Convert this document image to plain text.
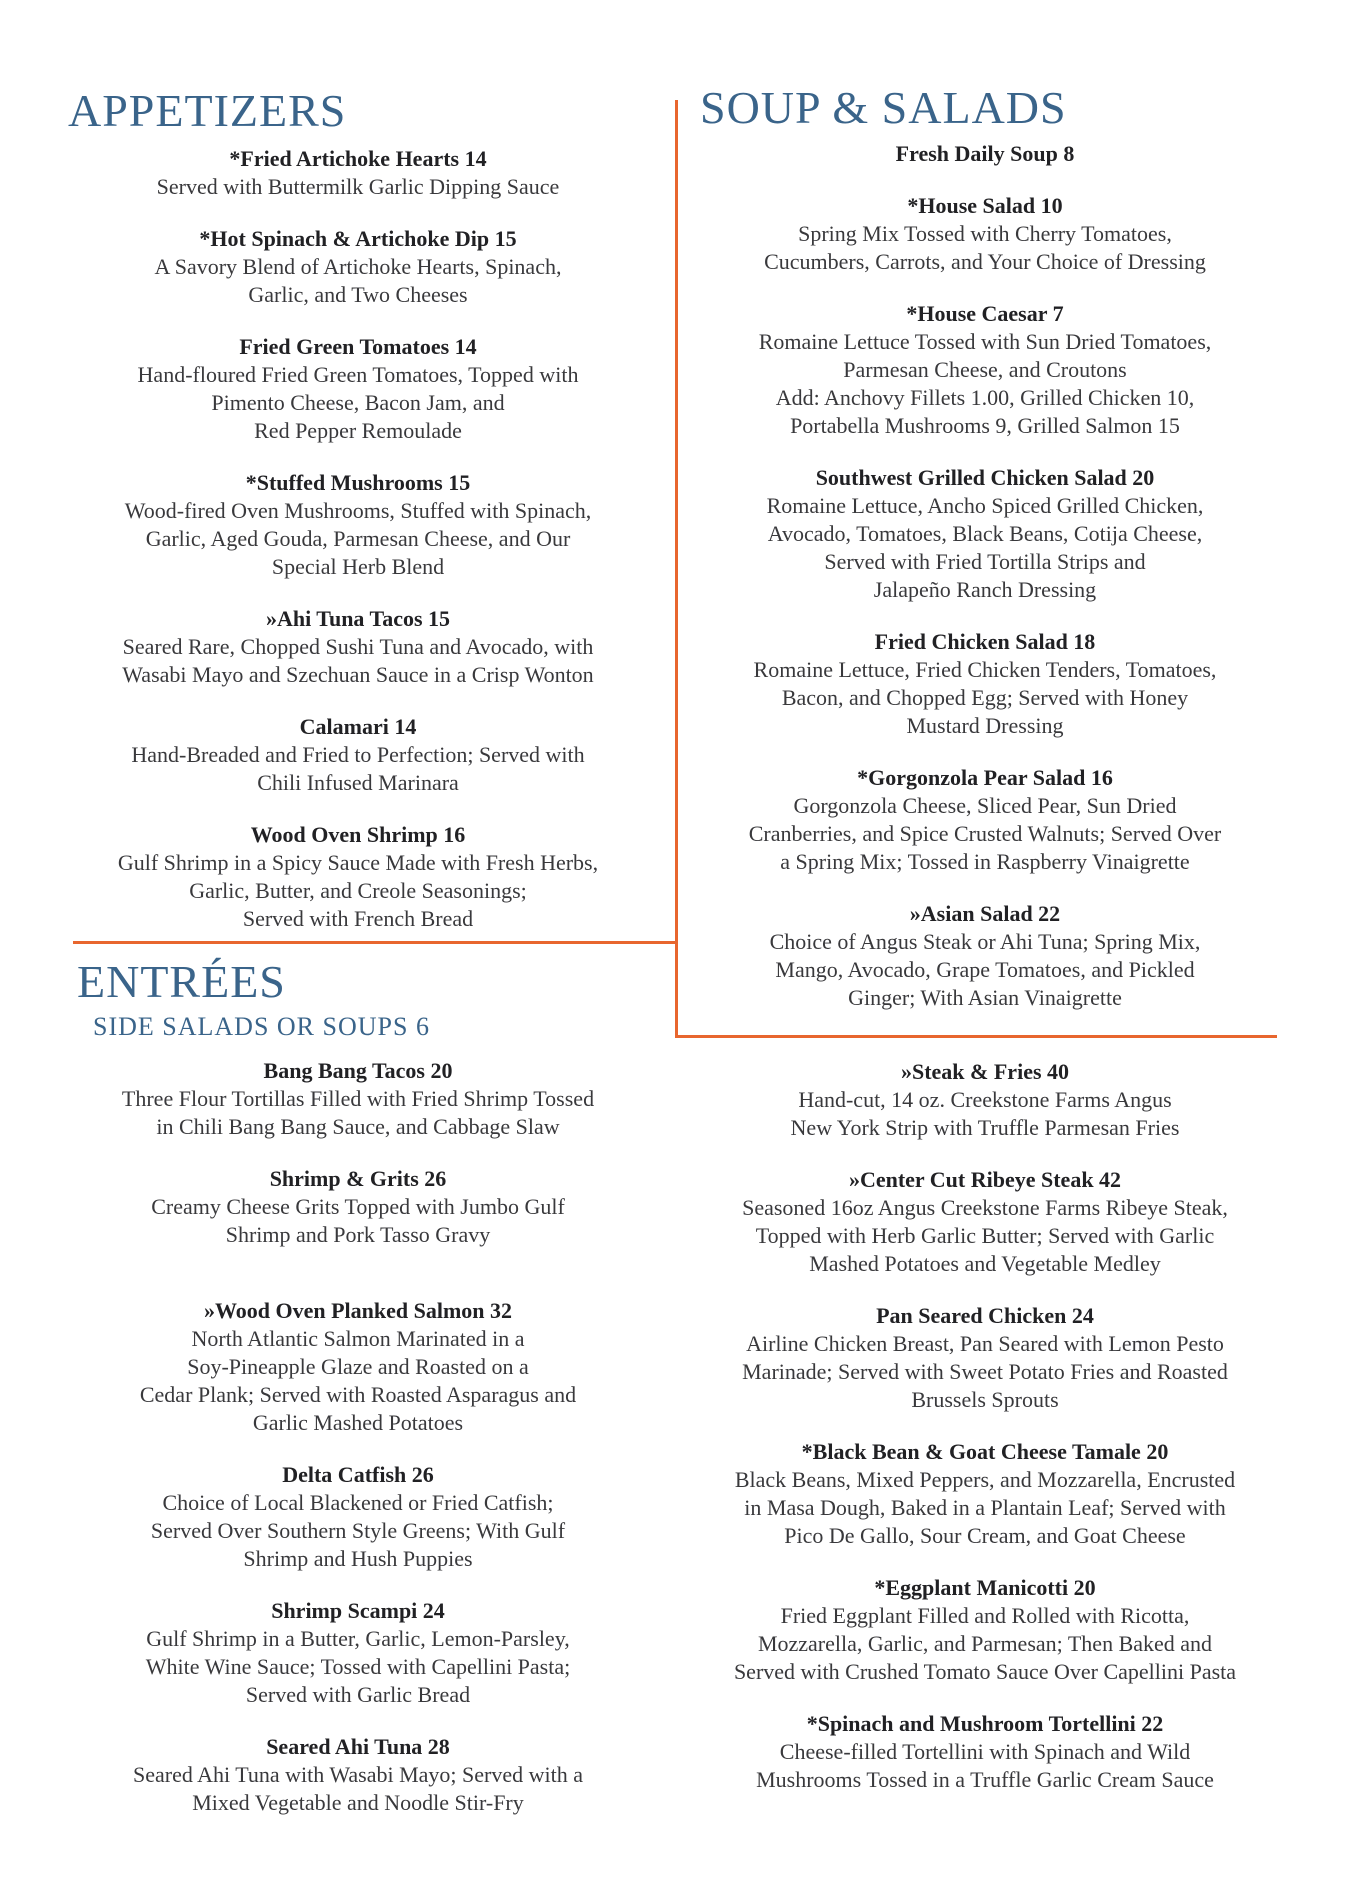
APPETIZERS
*Fried Artichoke Hearts 14
Served with Buttermilk Garlic Dipping Sauce
*Hot Spinach & Artichoke Dip 15
A Savory Blend of Artichoke Hearts, Spinach,
Garlic, and Two Cheeses
Fried Green Tomatoes 14
Hand-floured Fried Green Tomatoes, Topped with
Pimento Cheese, Bacon Jam, and
Red Pepper Remoulade
*Stuffed Mushrooms 15
Wood-fired Oven Mushrooms, Stuffed with Spinach,
Garlic, Aged Gouda, Parmesan Cheese, and Our
Special Herb Blend
»Ahi Tuna Tacos 15
Seared Rare, Chopped Sushi Tuna and Avocado, with
Wasabi Mayo and Szechuan Sauce in a Crisp Wonton
Calamari 14
Hand-Breaded and Fried to Perfection; Served with
Chili Infused Marinara
Wood Oven Shrimp 16
Gulf Shrimp in a Spicy Sauce Made with Fresh Herbs,
Garlic, Butter, and Creole Seasonings;
Served with French Bread
ENTRÉES
SIDE SALADS OR SOUPS 6
Bang Bang Tacos 20
Three Flour Tortillas Filled with Fried Shrimp Tossed
in Chili Bang Bang Sauce, and Cabbage Slaw
Shrimp & Grits 26
Creamy Cheese Grits Topped with Jumbo Gulf
Shrimp and Pork Tasso Gravy
»Wood Oven Planked Salmon 32
North Atlantic Salmon Marinated in a
Soy-Pineapple Glaze and Roasted on a
Cedar Plank; Served with Roasted Asparagus and
Garlic Mashed Potatoes
Delta Catfish 26
Choice of Local Blackened or Fried Catfish;
Served Over Southern Style Greens; With Gulf
Shrimp and Hush Puppies
Shrimp Scampi 24
Gulf Shrimp in a Butter, Garlic, Lemon-Parsley,
White Wine Sauce; Tossed with Capellini Pasta;
Served with Garlic Bread
Seared Ahi Tuna 28
Seared Ahi Tuna with Wasabi Mayo; Served with a
Mixed Vegetable and Noodle Stir-Fry
SOUP & SALADS
Fresh Daily Soup 8
*House Salad 10
Spring Mix Tossed with Cherry Tomatoes,
Cucumbers, Carrots, and Your Choice of Dressing
*House Caesar 7
Romaine Lettuce Tossed with Sun Dried Tomatoes,
Parmesan Cheese, and Croutons
Add: Anchovy Fillets 1.00, Grilled Chicken 10,
Portabella Mushrooms 9, Grilled Salmon 15
Southwest Grilled Chicken Salad 20
Romaine Lettuce, Ancho Spiced Grilled Chicken,
Avocado, Tomatoes, Black Beans, Cotija Cheese,
Served with Fried Tortilla Strips and
Jalapeño Ranch Dressing
Fried Chicken Salad 18
Romaine Lettuce, Fried Chicken Tenders, Tomatoes,
Bacon, and Chopped Egg; Served with Honey
Mustard Dressing
*Gorgonzola Pear Salad 16
Gorgonzola Cheese, Sliced Pear, Sun Dried
Cranberries, and Spice Crusted Walnuts; Served Over
a Spring Mix; Tossed in Raspberry Vinaigrette
»Asian Salad 22
Choice of Angus Steak or Ahi Tuna; Spring Mix,
Mango, Avocado, Grape Tomatoes, and Pickled
Ginger; With Asian Vinaigrette
»Steak & Fries 40
Hand-cut, 14 oz. Creekstone Farms Angus
New York Strip with Truffle Parmesan Fries
»Center Cut Ribeye Steak 42
Seasoned 16oz Angus Creekstone Farms Ribeye Steak,
Topped with Herb Garlic Butter; Served with Garlic
Mashed Potatoes and Vegetable Medley
Pan Seared Chicken 24
Airline Chicken Breast, Pan Seared with Lemon Pesto
Marinade; Served with Sweet Potato Fries and Roasted
Brussels Sprouts
*Black Bean & Goat Cheese Tamale 20
Black Beans, Mixed Peppers, and Mozzarella, Encrusted
in Masa Dough, Baked in a Plantain Leaf; Served with
Pico De Gallo, Sour Cream, and Goat Cheese
*Eggplant Manicotti 20
Fried Eggplant Filled and Rolled with Ricotta,
Mozzarella, Garlic, and Parmesan; Then Baked and
Served with Crushed Tomato Sauce Over Capellini Pasta
*Spinach and Mushroom Tortellini 22
Cheese-filled Tortellini with Spinach and Wild
Mushrooms Tossed in a Truffle Garlic Cream Sauce
